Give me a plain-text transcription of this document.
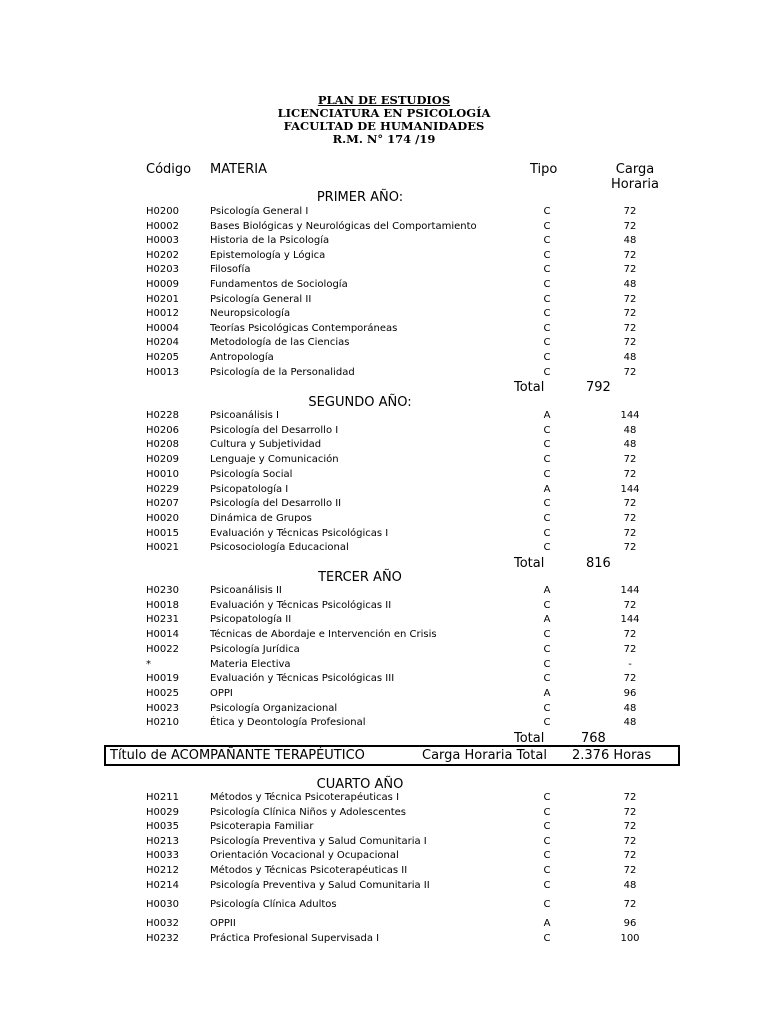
PLAN DE ESTUDIOS
LICENCIATURA EN PSICOLOGÍA
FACULTAD DE HUMANIDADES
R.M. N° 174 /19
Código MATERIA	Tipo	Carga
Horaria
PRIMER AÑO:
H0200	Psicología General I	C	72
H0002	Bases Biológicas y Neurológicas del Comportamiento	C	72
H0003	Historia de la Psicología	C	48
H0202	Epistemología y Lógica	C	72
H0203	Filosofía	C	72
H0009	Fundamentos de Sociología	C	48
H0201	Psicología General II	C	72
H0012	Neuropsicología	C	72
H0004	Teorías Psicológicas Contemporáneas	C	72
H0204	Metodología de las Ciencias	C	72
H0205	Antropología	C	48
H0013	Psicología de la Personalidad	C	72
Total	792
SEGUNDO AÑO:
H0228	Psicoanálisis I	A	144
H0206	Psicología del Desarrollo I	C	48
H0208	Cultura y Subjetividad	C	48
H0209	Lenguaje y Comunicación	C	72
H0010	Psicología Social	C	72
H0229	Psicopatología I	A	144
H0207	Psicología del Desarrollo II	C	72
H0020	Dinámica de Grupos	C	72
H0015	Evaluación y Técnicas Psicológicas I	C	72
H0021	Psicosociología Educacional	C	72
Total	816
TERCER AÑO
H0230	Psicoanálisis II	A	144
H0018	Evaluación y Técnicas Psicológicas II	C	72
H0231	Psicopatología II	A	144
H0014	Técnicas de Abordaje e Intervención en Crisis	C	72
H0022	Psicología Jurídica	C	72
*	Materia Electiva	C	-
H0019	Evaluación y Técnicas Psicológicas III	C	72
H0025	OPPI	A	96
H0023	Psicología Organizacional	C	48
H0210	Ética y Deontología Profesional	C	48
Total	768
Título de ACOMPAÑANTE TERAPÉUTICO	Carga Horaria Total 2.376 Horas
CUARTO AÑO
H0211	Métodos y Técnica Psicoterapéuticas I	C	72
H0029	Psicología Clínica Niños y Adolescentes	C	72
H0035	Psicoterapia Familiar	C	72
H0213	Psicología Preventiva y Salud Comunitaria I	C	72
H0033	Orientación Vocacional y Ocupacional	C	72
H0212	Métodos y Técnicas Psicoterapéuticas II	C	72
H0214	Psicología Preventiva y Salud Comunitaria II	C	48
H0030	Psicología Clínica Adultos	C	72
H0032	OPPII	A	96
H0232	Práctica Profesional Supervisada I	C	100
